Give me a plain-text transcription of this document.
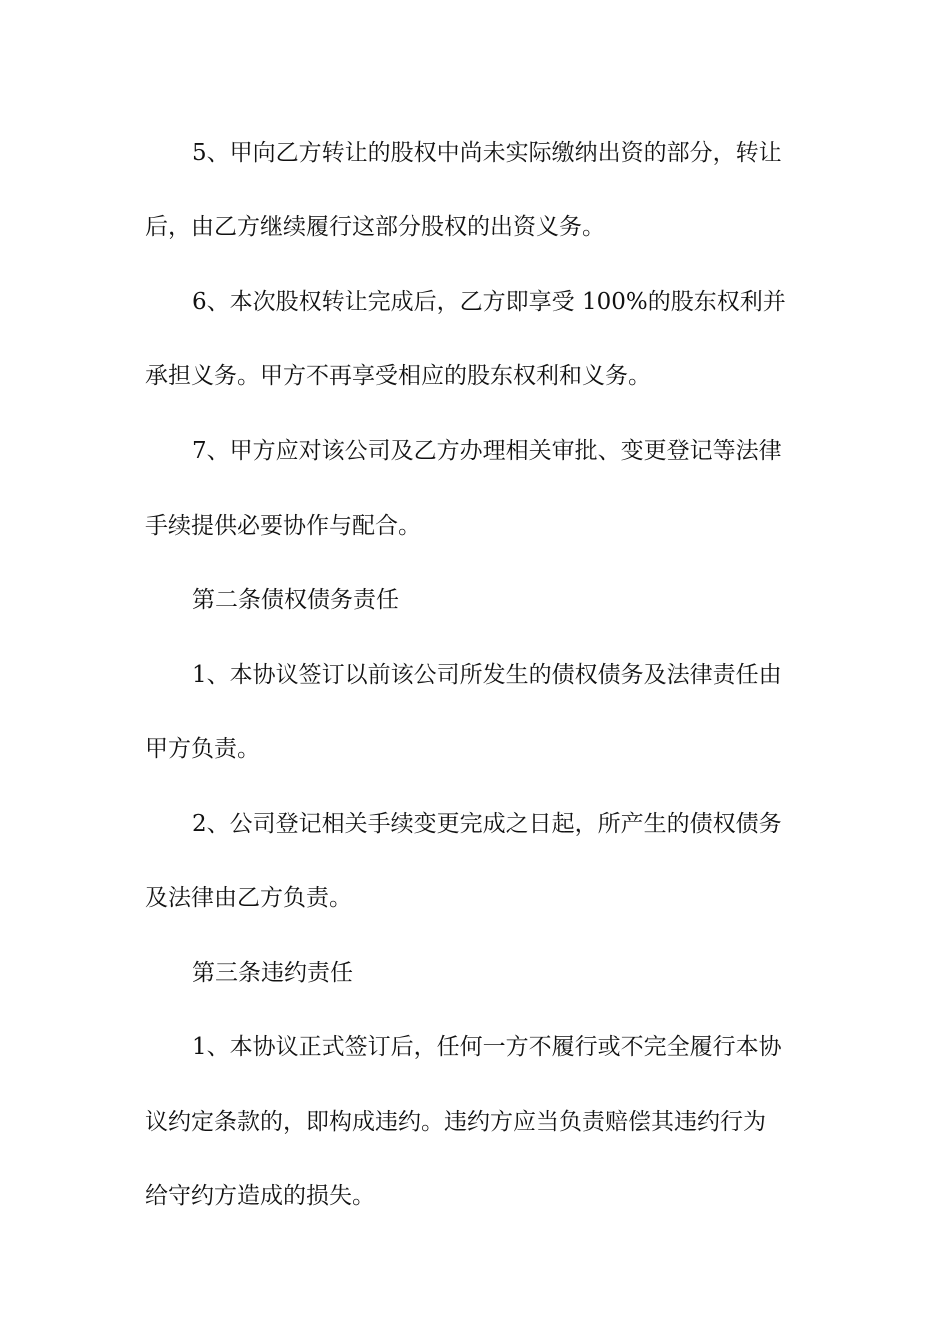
5、甲向乙方转让的股权中尚未实际缴纳出资的部分，转让
后，由乙方继续履行这部分股权的出资义务。
6、本次股权转让完成后，乙方即享受 100%的股东权利并
承担义务。甲方不再享受相应的股东权利和义务。
7、甲方应对该公司及乙方办理相关审批、变更登记等法律
手续提供必要协作与配合。
第二条债权债务责任
1、本协议签订以前该公司所发生的债权债务及法律责任由
甲方负责。
2、公司登记相关手续变更完成之日起，所产生的债权债务
及法律由乙方负责。
第三条违约责任
1、本协议正式签订后，任何一方不履行或不完全履行本协
议约定条款的，即构成违约。违约方应当负责赔偿其违约行为
给守约方造成的损失。
